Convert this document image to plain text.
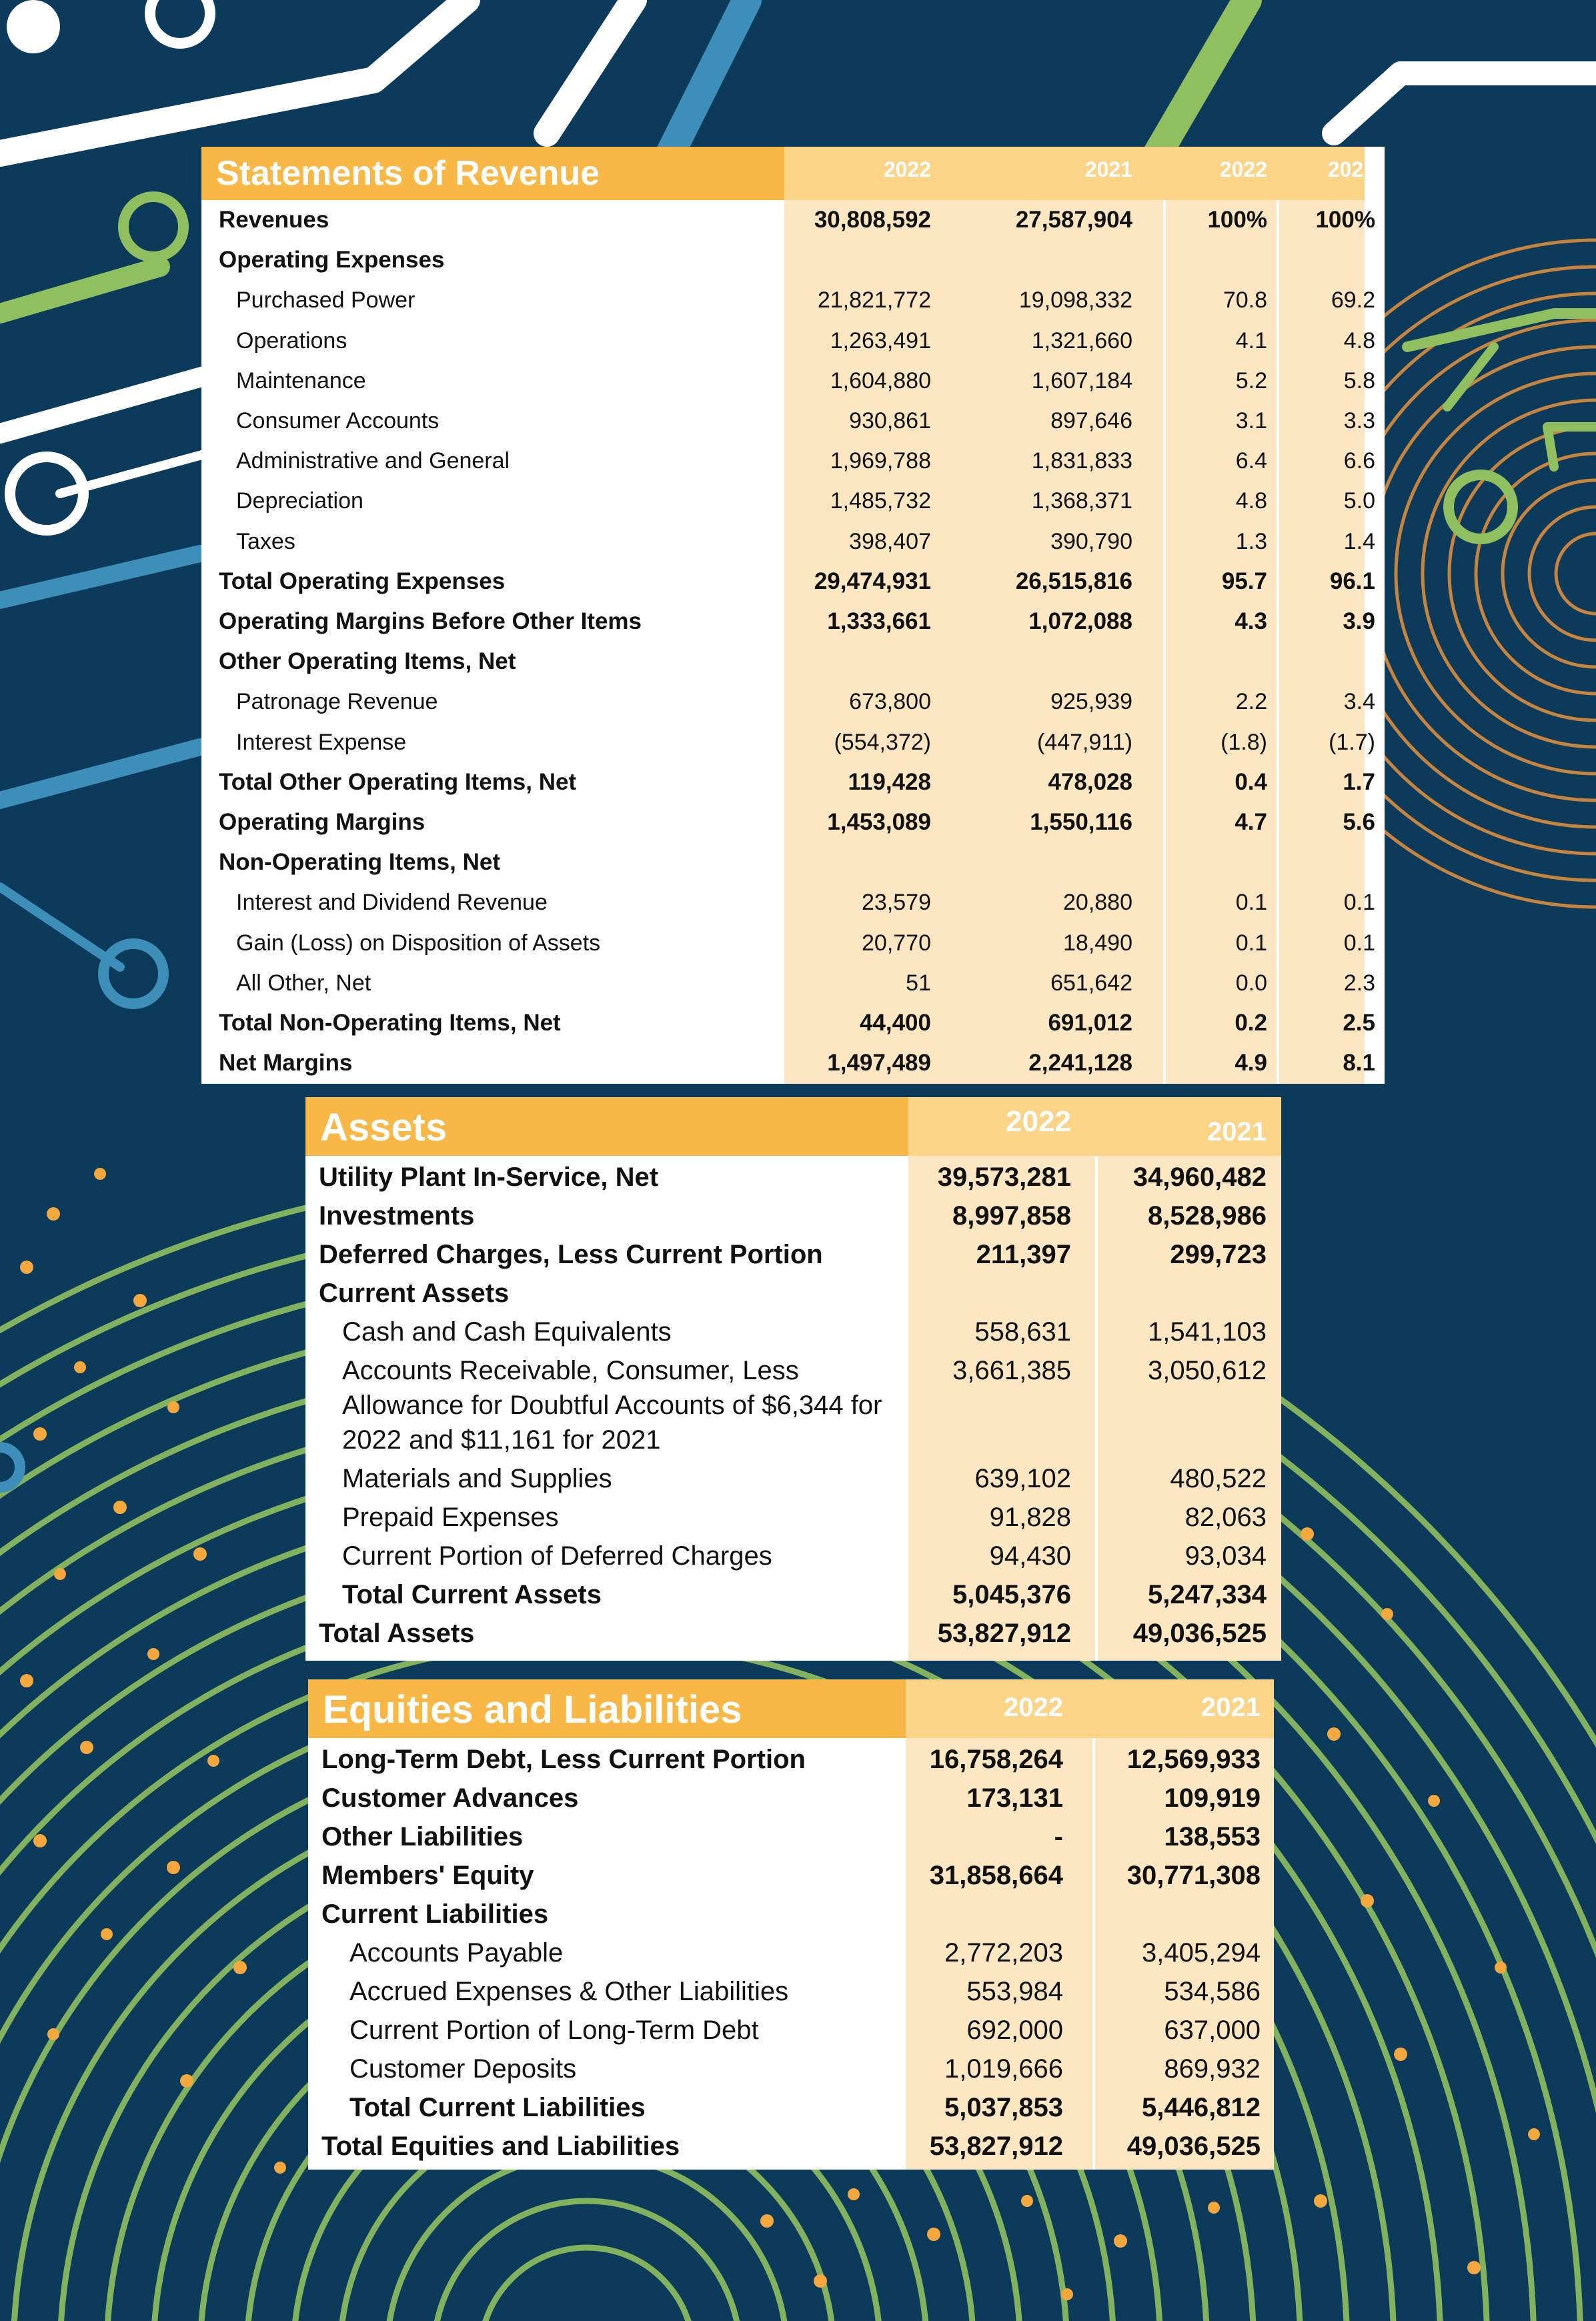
Statements of Revenue	2022	2021	2022	2021
Revenues	30,808,592	27,587,904	100% 100%
Operating Expenses
Purchased Power	21,821,772	19,098,332	70.8	69.2
Operations	1,263,491	1,321,660	4.1	4.8
Maintenance	1,604,880	1,607,184	5.2	5.8
Consumer Accounts	930,861	897,646	3.1	3.3
Administrative and General	1,969,788	1,831,833	6.4	6.6
Depreciation	1,485,732	1,368,371	4.8	5.0
Taxes	398,407	390,790	1.3	1.4
Total Operating Expenses	29,474,931	26,515,816	95.7	96.1
Operating Margins Before Other Items	1,333,661	1,072,088	4.3	3.9
Other Operating Items, Net
Patronage Revenue	673,800	925,939	2.2	3.4
Interest Expense	(554,372)	(447,911)	(1.8)	(1.7)
Total Other Operating Items, Net	119,428	478,028	0.4	1.7
Operating Margins	1,453,089	1,550,116	4.7	5.6
Non-Operating Items, Net
Interest and Dividend Revenue	23,579	20,880	0.1	0.1
Gain (Loss) on Disposition of Assets	20,770	18,490	0.1	0.1
All Other, Net	51	651,642	0.0	2.3
Total Non-Operating Items, Net	44,400	691,012	0.2	2.5
Net Margins	1,497,489	2,241,128	4.9	8.1
Assets	2022	2021
Utility Plant In-Service, Net	39,573,281 34,960,482
Investments	8,997,858	8,528,986
Deferred Charges, Less Current Portion	211,397	299,723
Current Assets
Cash and Cash Equivalents	558,631	1,541,103
Accounts Receivable, Consumer, Less
Allowance for Doubtful Accounts of $6,344 for
2022 and $11,161 for 2021
3,661,385	3,050,612
Materials and Supplies	639,102	480,522
Prepaid Expenses	91,828	82,063
Current Portion of Deferred Charges	94,430	93,034
Total Current Assets	5,045,376	5,247,334
Total Assets	53,827,912 49,036,525
Equities and Liabilities	2022	2021
Long-Term Debt, Less Current Portion	16,758,264 12,569,933
Customer Advances	173,131	109,919
Other Liabilities	-	138,553
Members' Equity	31,858,664 30,771,308
Current Liabilities
Accounts Payable	2,772,203	3,405,294
Accrued Expenses & Other Liabilities	553,984	534,586
Current Portion of Long-Term Debt	692,000	637,000
Customer Deposits	1,019,666	869,932
Total Current Liabilities	5,037,853	5,446,812
Total Equities and Liabilities	53,827,912 49,036,525
